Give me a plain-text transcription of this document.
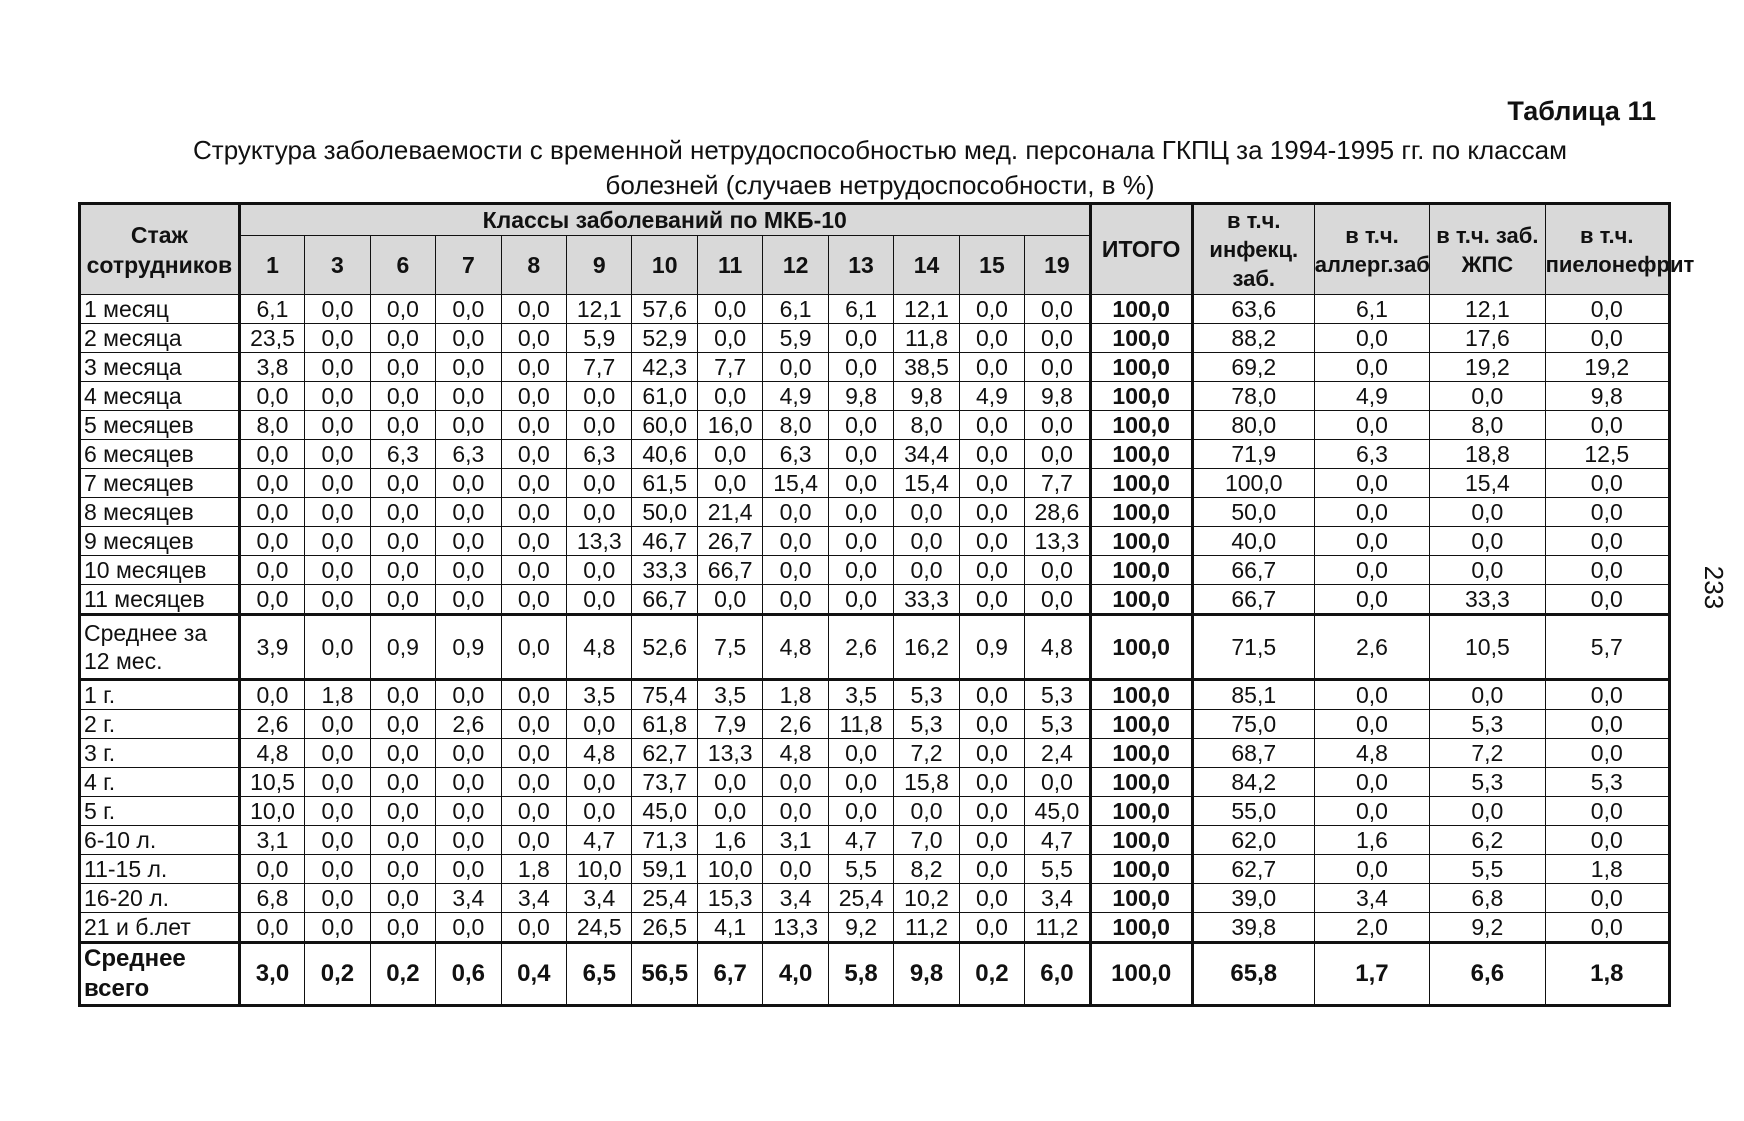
Таблица 11
Структура заболеваемости с временной нетрудоспособностью мед. персонала ГКПЦ за 1994-1995 гг. по классам
болезней (случаев нетрудоспособности, в %)
233
Стаж сотрудников	Классы заболеваний по МКБ-10													ИТОГО	в т.ч. инфекц. заб.	в т.ч. аллерг.заб	в т.ч. заб. ЖПС	в т.ч. пиелонефрит
	1	3	6	7	8	9	10	11	12	13	14	15	19					
1 месяц	6,1	0,0	0,0	0,0	0,0	12,1	57,6	0,0	6,1	6,1	12,1	0,0	0,0	100,0	63,6	6,1	12,1	0,0
2 месяца	23,5	0,0	0,0	0,0	0,0	5,9	52,9	0,0	5,9	0,0	11,8	0,0	0,0	100,0	88,2	0,0	17,6	0,0
3 месяца	3,8	0,0	0,0	0,0	0,0	7,7	42,3	7,7	0,0	0,0	38,5	0,0	0,0	100,0	69,2	0,0	19,2	19,2
4 месяца	0,0	0,0	0,0	0,0	0,0	0,0	61,0	0,0	4,9	9,8	9,8	4,9	9,8	100,0	78,0	4,9	0,0	9,8
5 месяцев	8,0	0,0	0,0	0,0	0,0	0,0	60,0	16,0	8,0	0,0	8,0	0,0	0,0	100,0	80,0	0,0	8,0	0,0
6 месяцев	0,0	0,0	6,3	6,3	0,0	6,3	40,6	0,0	6,3	0,0	34,4	0,0	0,0	100,0	71,9	6,3	18,8	12,5
7 месяцев	0,0	0,0	0,0	0,0	0,0	0,0	61,5	0,0	15,4	0,0	15,4	0,0	7,7	100,0	100,0	0,0	15,4	0,0
8 месяцев	0,0	0,0	0,0	0,0	0,0	0,0	50,0	21,4	0,0	0,0	0,0	0,0	28,6	100,0	50,0	0,0	0,0	0,0
9 месяцев	0,0	0,0	0,0	0,0	0,0	13,3	46,7	26,7	0,0	0,0	0,0	0,0	13,3	100,0	40,0	0,0	0,0	0,0
10 месяцев	0,0	0,0	0,0	0,0	0,0	0,0	33,3	66,7	0,0	0,0	0,0	0,0	0,0	100,0	66,7	0,0	0,0	0,0
11 месяцев	0,0	0,0	0,0	0,0	0,0	0,0	66,7	0,0	0,0	0,0	33,3	0,0	0,0	100,0	66,7	0,0	33,3	0,0
Среднее за 12 мес.	3,9	0,0	0,9	0,9	0,0	4,8	52,6	7,5	4,8	2,6	16,2	0,9	4,8	100,0	71,5	2,6	10,5	5,7
1 г.	0,0	1,8	0,0	0,0	0,0	3,5	75,4	3,5	1,8	3,5	5,3	0,0	5,3	100,0	85,1	0,0	0,0	0,0
2 г.	2,6	0,0	0,0	2,6	0,0	0,0	61,8	7,9	2,6	11,8	5,3	0,0	5,3	100,0	75,0	0,0	5,3	0,0
3 г.	4,8	0,0	0,0	0,0	0,0	4,8	62,7	13,3	4,8	0,0	7,2	0,0	2,4	100,0	68,7	4,8	7,2	0,0
4 г.	10,5	0,0	0,0	0,0	0,0	0,0	73,7	0,0	0,0	0,0	15,8	0,0	0,0	100,0	84,2	0,0	5,3	5,3
5 г.	10,0	0,0	0,0	0,0	0,0	0,0	45,0	0,0	0,0	0,0	0,0	0,0	45,0	100,0	55,0	0,0	0,0	0,0
6-10 л.	3,1	0,0	0,0	0,0	0,0	4,7	71,3	1,6	3,1	4,7	7,0	0,0	4,7	100,0	62,0	1,6	6,2	0,0
11-15 л.	0,0	0,0	0,0	0,0	1,8	10,0	59,1	10,0	0,0	5,5	8,2	0,0	5,5	100,0	62,7	0,0	5,5	1,8
16-20 л.	6,8	0,0	0,0	3,4	3,4	3,4	25,4	15,3	3,4	25,4	10,2	0,0	3,4	100,0	39,0	3,4	6,8	0,0
21 и б.лет	0,0	0,0	0,0	0,0	0,0	24,5	26,5	4,1	13,3	9,2	11,2	0,0	11,2	100,0	39,8	2,0	9,2	0,0
Среднее всего	3,0	0,2	0,2	0,6	0,4	6,5	56,5	6,7	4,0	5,8	9,8	0,2	6,0	100,0	65,8	1,7	6,6	1,8
